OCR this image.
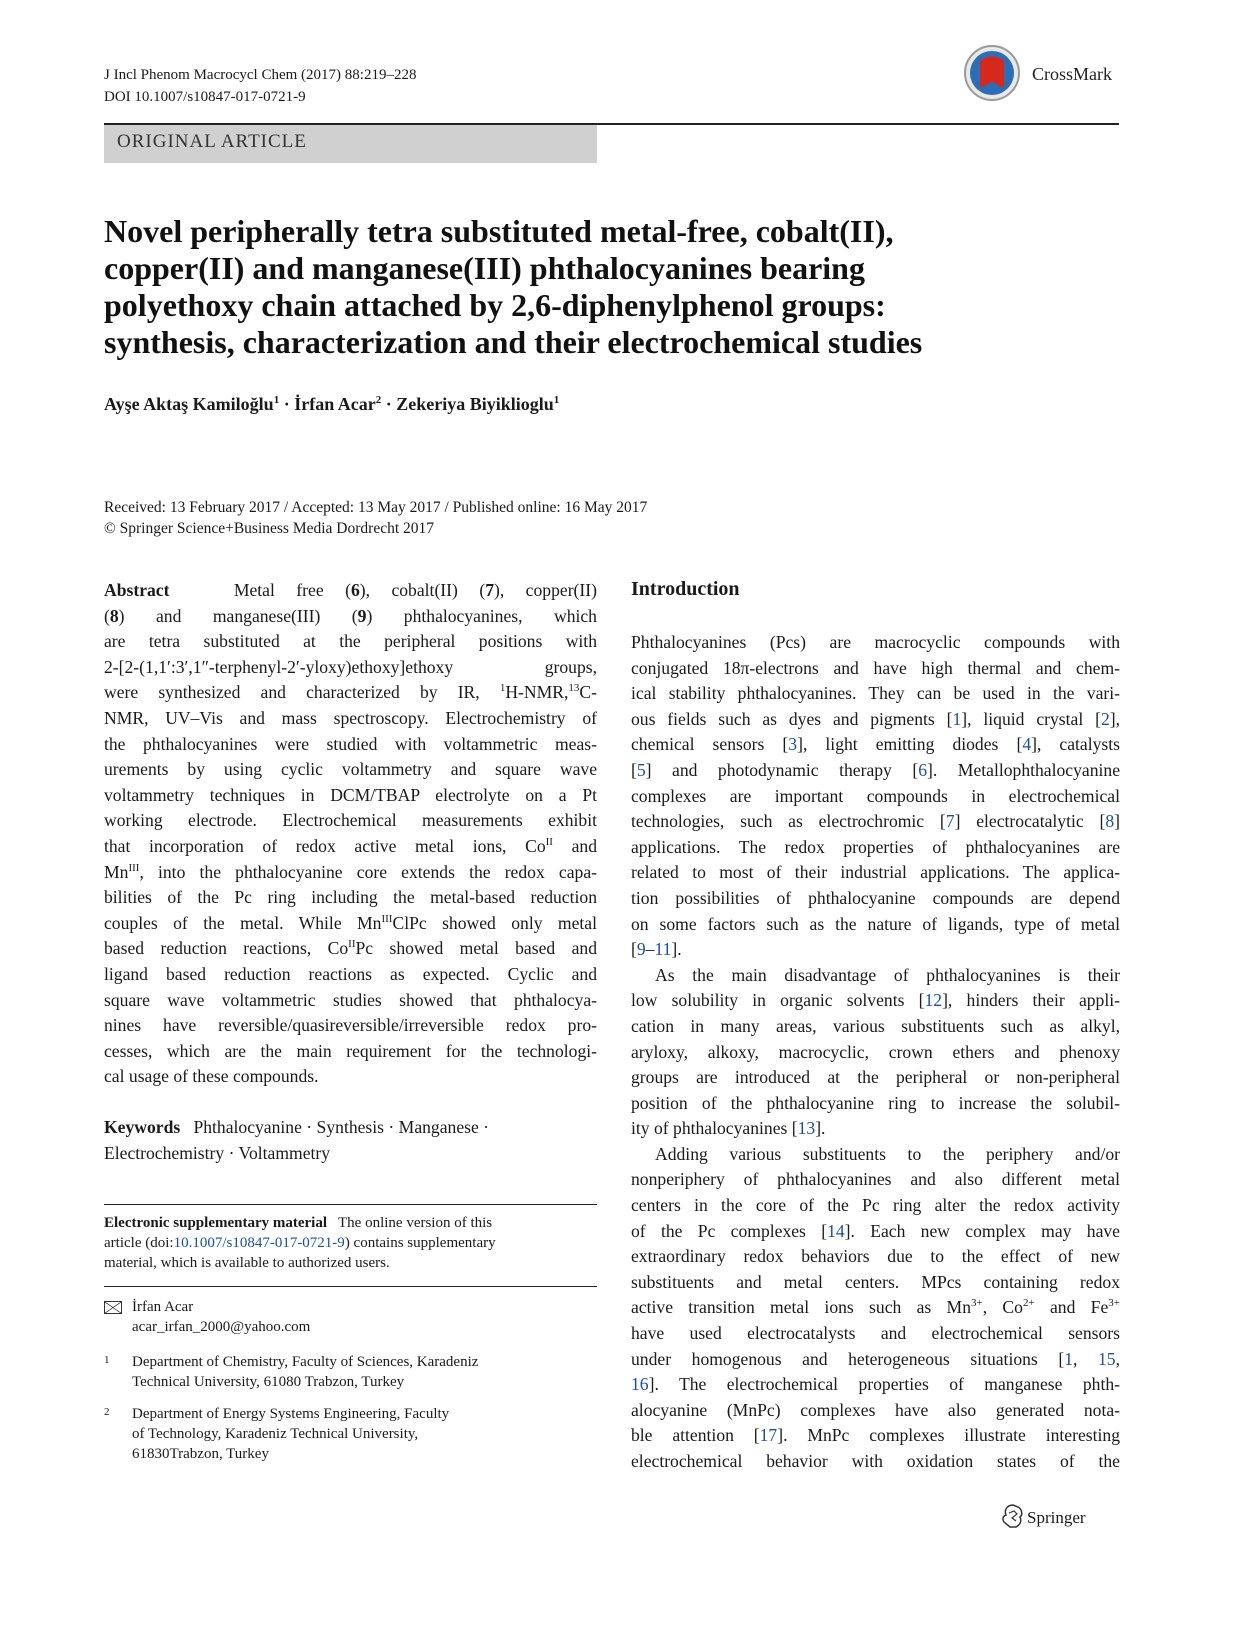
J Incl Phenom Macrocycl Chem (2017) 88:219–228
DOI 10.1007/s10847-017-0721-9
CrossMark
ORIGINAL ARTICLE
Novel peripherally tetra substituted metal-free, cobalt(II),
copper(II) and manganese(III) phthalocyanines bearing
polyethoxy chain attached by 2,6-diphenylphenol groups:
synthesis, characterization and their electrochemical studies
Ayşe Aktaş Kamiloğlu$^1$ · İrfan Acar$^2$ · Zekeriya Biyiklioglu$^1$
Received: 13 February 2017 / Accepted: 13 May 2017 / Published online: 16 May 2017
© Springer Science+Business Media Dordrecht 2017

Abstract   Metal free (6), cobalt(II) (7), copper(II)

(8) and manganese(III) (9) phthalocyanines, which

are tetra substituted at the peripheral positions with

2-[2-(1,1′:3′,1″-terphenyl-2′-yloxy)ethoxy]ethoxy groups,

were synthesized and characterized by IR, $^1$H-NMR,$^{13}$C-

NMR, UV–Vis and mass spectroscopy. Electrochemistry of

the phthalocyanines were studied with voltammetric meas-

urements by using cyclic voltammetry and square wave

voltammetry techniques in DCM/TBAP electrolyte on a Pt

working electrode. Electrochemical measurements exhibit

that incorporation of redox active metal ions, $Co^{II}$ and

$Mn^{III}$, into the phthalocyanine core extends the redox capa-

bilities of the Pc ring including the metal-based reduction

couples of the metal. While $Mn^{III}ClPc$ showed only metal

based reduction reactions, $Co^{II}Pc$ showed metal based and

ligand based reduction reactions as expected. Cyclic and

square wave voltammetric studies showed that phthalocya-

nines have reversible/quasireversible/irreversible redox pro-

cesses, which are the main requirement for the technologi-

cal usage of these compounds.

Keywords Phthalocyanine · Synthesis · Manganese ·
Electrochemistry · Voltammetry
Electronic supplementary material The online version of this
article (doi:10.1007/s10847-017-0721-9) contains supplementary
material, which is available to authorized users.
İrfan Acar
acar_irfan_2000@yahoo.com
1 Department of Chemistry, Faculty of Sciences, Karadeniz
Technical University, 61080 Trabzon, Turkey
2 Department of Energy Systems Engineering, Faculty
of Technology, Karadeniz Technical University,
61830Trabzon, Turkey
Introduction

Phthalocyanines (Pcs) are macrocyclic compounds with

conjugated 18π-electrons and have high thermal and chem-

ical stability phthalocyanines. They can be used in the vari-

ous fields such as dyes and pigments [1], liquid crystal [2],

chemical sensors [3], light emitting diodes [4], catalysts

[5] and photodynamic therapy [6]. Metallophthalocyanine

complexes are important compounds in electrochemical

technologies, such as electrochromic [7] electrocatalytic [8]

applications. The redox properties of phthalocyanines are

related to most of their industrial applications. The applica-

tion possibilities of phthalocyanine compounds are depend

on some factors such as the nature of ligands, type of metal

[9–11].

As the main disadvantage of phthalocyanines is their

low solubility in organic solvents [12], hinders their appli-

cation in many areas, various substituents such as alkyl,

aryloxy, alkoxy, macrocyclic, crown ethers and phenoxy

groups are introduced at the peripheral or non-peripheral

position of the phthalocyanine ring to increase the solubil-

ity of phthalocyanines [13].

Adding various substituents to the periphery and/or

nonperiphery of phthalocyanines and also different metal

centers in the core of the Pc ring alter the redox activity

of the Pc complexes [14]. Each new complex may have

extraordinary redox behaviors due to the effect of new

substituents and metal centers. MPcs containing redox

active transition metal ions such as $Mn^{3+}$, $Co^{2+}$ and $Fe^{3+}$

have used electrocatalysts and electrochemical sensors

under homogenous and heterogeneous situations [1, 15,

16]. The electrochemical properties of manganese phth-

alocyanine (MnPc) complexes have also generated nota-

ble attention [17]. MnPc complexes illustrate interesting

electrochemical behavior with oxidation states of the

Springer
